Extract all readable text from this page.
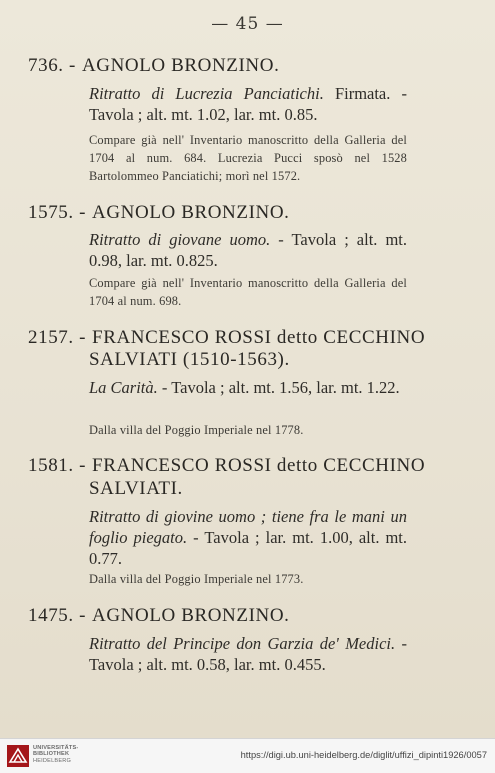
— 45 —
736. - AGNOLO BRONZINO.
Ritratto di Lucrezia Panciatichi. Firmata. - Tavola ; alt. mt. 1.02, lar. mt. 0.85.
Compare già nell' Inventario manoscritto della Galleria del 1704 al num. 684. Lucrezia Pucci sposò nel 1528 Bartolommeo Panciatichi; morì nel 1572.
1575. - AGNOLO BRONZINO.
Ritratto di giovane uomo. - Tavola ; alt. mt. 0.98, lar. mt. 0.825.
Compare già nell' Inventario manoscritto della Galleria del 1704 al num. 698.
2157. - FRANCESCO ROSSI detto CECCHINO
SALVIATI (1510-1563).
La Carità. - Tavola ; alt. mt. 1.56, lar. mt. 1.22.
Dalla villa del Poggio Imperiale nel 1778.
1581. - FRANCESCO ROSSI detto CECCHINO
SALVIATI.
Ritratto di giovine uomo ; tiene fra le mani un foglio piegato. - Tavola ; lar. mt. 1.00, alt. mt. 0.77.
Dalla villa del Poggio Imperiale nel 1773.
1475. - AGNOLO BRONZINO.
Ritratto del Principe don Garzia de' Medici. - Tavola ; alt. mt. 0.58, lar. mt. 0.455.
UNIVERSITÄTS-
BIBLIOTHEK
HEIDELBERG
https://digi.ub.uni-heidelberg.de/diglit/uffizi_dipinti1926/0057
